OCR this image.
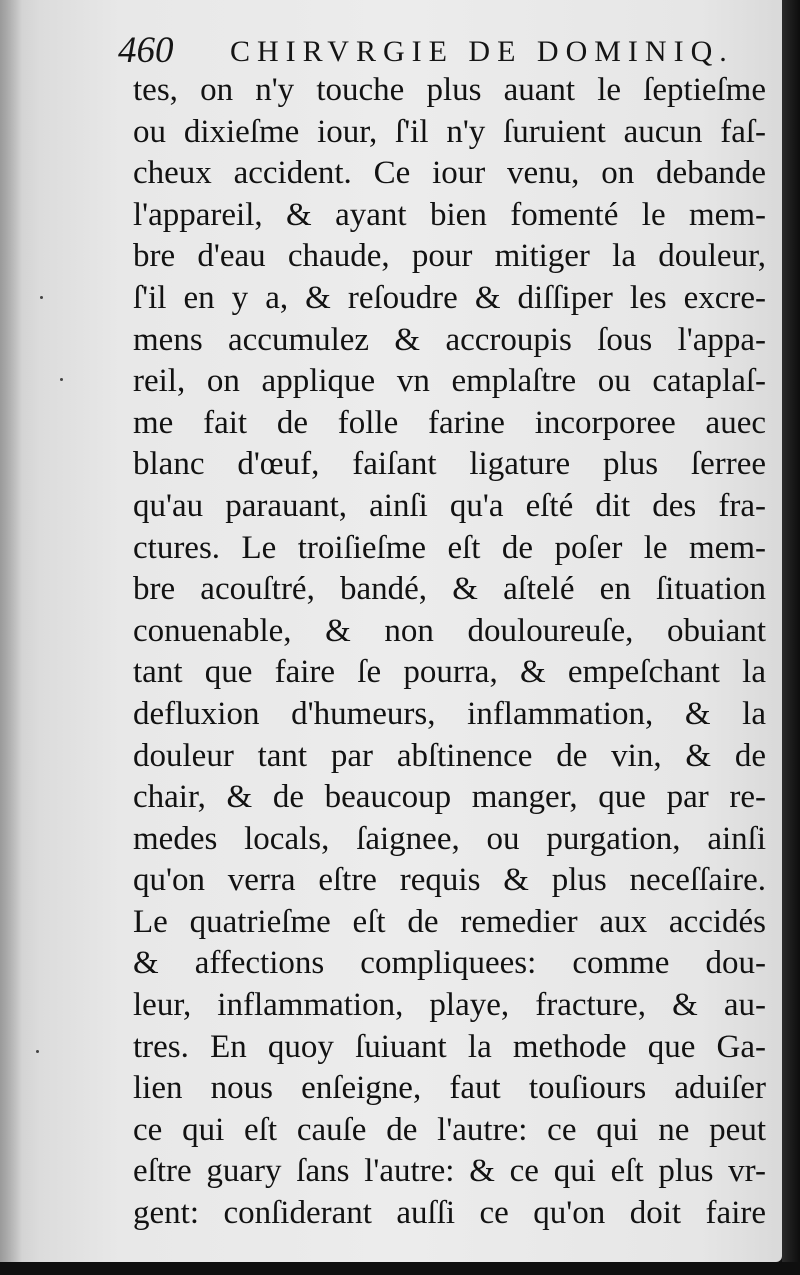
460 CHIRVRGIE DE DOMINIQ.
tes, on n'y touche plus auant le ſeptieſme
ou dixieſme iour, ſ'il n'y ſuruient aucun faſ-
cheux accident. Ce iour venu, on debande
l'appareil, & ayant bien fomenté le mem-
bre d'eau chaude, pour mitiger la douleur,
ſ'il en y a, & reſoudre & diſſiper les excre-
mens accumulez & accroupis ſous l'appa-
reil, on applique vn emplaſtre ou cataplaſ-
me fait de folle farine incorporee auec
blanc d'œuf, faiſant ligature plus ſerree
qu'au parauant, ainſi qu'a eſté dit des fra-
ctures. Le troiſieſme eſt de poſer le mem-
bre acouſtré, bandé, & aſtelé en ſituation
conuenable, & non douloureuſe, obuiant
tant que faire ſe pourra, & empeſchant la
defluxion d'humeurs, inflammation, & la
douleur tant par abſtinence de vin, & de
chair, & de beaucoup manger, que par re-
medes locals, ſaignee, ou purgation, ainſi
qu'on verra eſtre requis & plus neceſſaire.
Le quatrieſme eſt de remedier aux accidés
& affections compliquees: comme dou-
leur, inflammation, playe, fracture, & au-
tres. En quoy ſuiuant la methode que Ga-
lien nous enſeigne, faut touſiours aduiſer
ce qui eſt cauſe de l'autre: ce qui ne peut
eſtre guary ſans l'autre: & ce qui eſt plus vr-
gent: conſiderant auſſi ce qu'on doit faire
